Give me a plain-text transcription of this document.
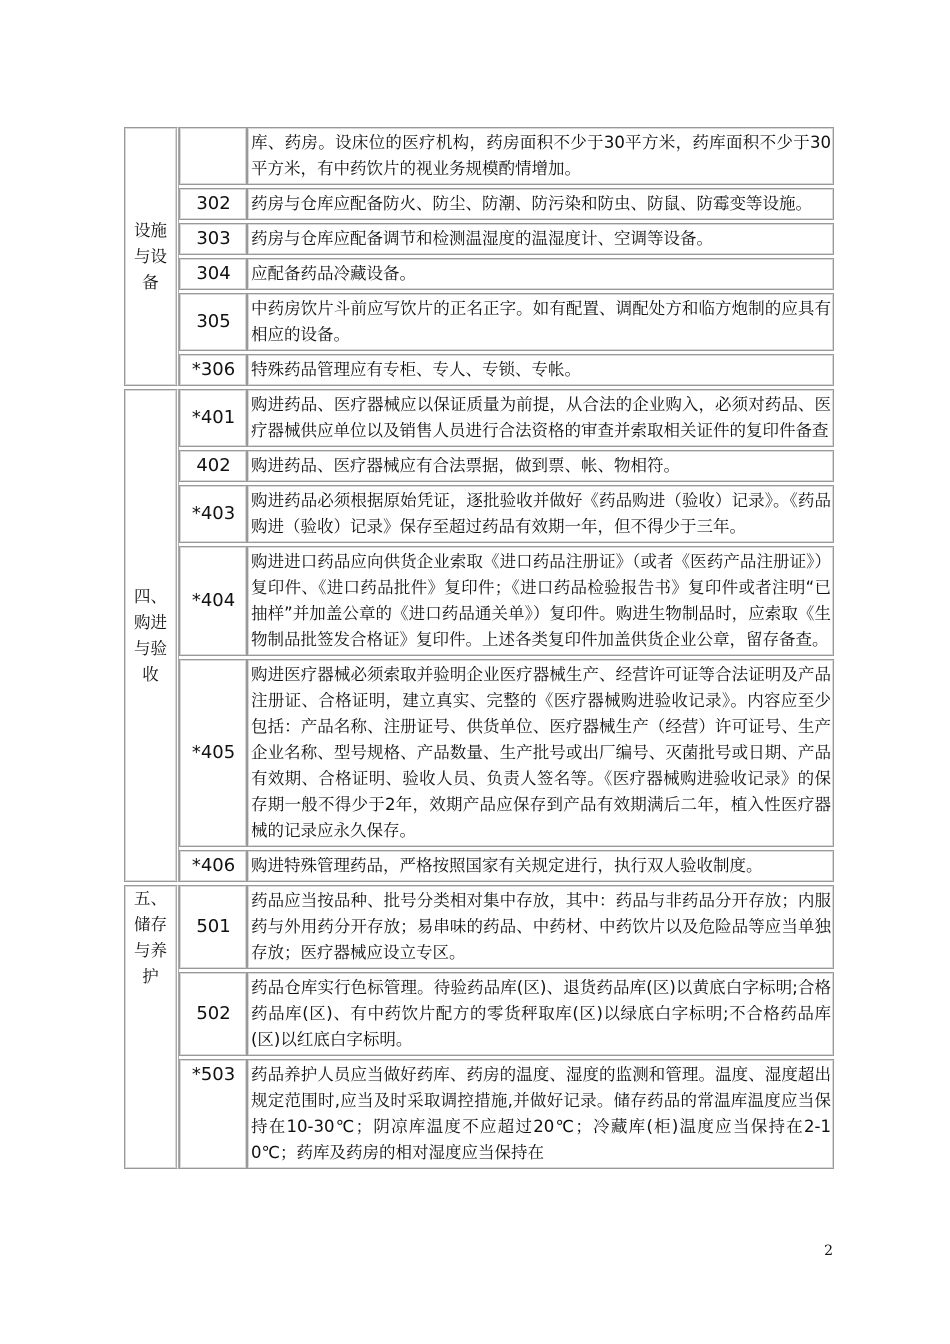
设施与设备		库、药房。设床位的医疗机构，药房面积不少于30平方米，药库面积不少于30平方米，有中药饮片的视业务规模酌情增加。
	302	药房与仓库应配备防火、防尘、防潮、防污染和防虫、防鼠、防霉变等设施。
	303	药房与仓库应配备调节和检测温湿度的温湿度计、空调等设备。
	304	应配备药品冷藏设备。
	305	中药房饮片斗前应写饮片的正名正字。如有配置、调配处方和临方炮制的应具有相应的设备。
	*306	特殊药品管理应有专柜、专人、专锁、专帐。
四、购进与验收	*401	购进药品、医疗器械应以保证质量为前提，从合法的企业购入，必须对药品、医疗器械供应单位以及销售人员进行合法资格的审查并索取相关证件的复印件备查
	402	购进药品、医疗器械应有合法票据，做到票、帐、物相符。
	*403	购进药品必须根据原始凭证，逐批验收并做好《药品购进（验收）记录》。《药品购进（验收）记录》保存至超过药品有效期一年，但不得少于三年。
	*404	购进进口药品应向供货企业索取《进口药品注册证》（或者《医药产品注册证》）复印件、《进口药品批件》复印件；《进口药品检验报告书》复印件或者注明“已抽样”并加盖公章的《进口药品通关单》）复印件。购进生物制品时，应索取《生物制品批签发合格证》复印件。上述各类复印件加盖供货企业公章，留存备查。
	*405	购进医疗器械必须索取并验明企业医疗器械生产、经营许可证等合法证明及产品注册证、合格证明，建立真实、完整的《医疗器械购进验收记录》。内容应至少包括：产品名称、注册证号、供货单位、医疗器械生产（经营）许可证号、生产企业名称、型号规格、产品数量、生产批号或出厂编号、灭菌批号或日期、产品有效期、合格证明、验收人员、负责人签名等。《医疗器械购进验收记录》的保存期一般不得少于2年，效期产品应保存到产品有效期满后二年，植入性医疗器械的记录应永久保存。
	*406	购进特殊管理药品，严格按照国家有关规定进行，执行双人验收制度。
五、储存与养护	501	药品应当按品种、批号分类相对集中存放，其中：药品与非药品分开存放；内服药与外用药分开存放；易串味的药品、中药材、中药饮片以及危险品等应当单独存放；医疗器械应设立专区。
	502	药品仓库实行色标管理。待验药品库(区)、退货药品库(区)以黄底白字标明;合格药品库(区)、有中药饮片配方的零货秤取库(区)以绿底白字标明;不合格药品库(区)以红底白字标明。
	*503	药品养护人员应当做好药库、药房的温度、湿度的监测和管理。温度、湿度超出规定范围时,应当及时采取调控措施,并做好记录。储存药品的常温库温度应当保持在10-30℃；阴凉库温度不应超过20℃；冷藏库(柜)温度应当保持在2-10℃；药库及药房的相对湿度应当保持在
2
